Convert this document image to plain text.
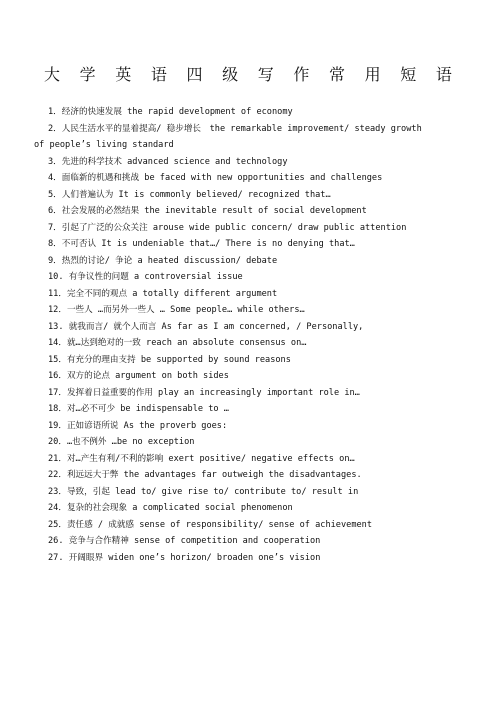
大 学 英 语 四 级 写 作 常 用 短 语
1．经济的快速发展 the rapid development of economy
2．人民生活水平的显着提高/ 稳步增长　the remarkable improvement/ steady growth
of people’s living standard
3．先进的科学技术 advanced science and technology
4．面临新的机遇和挑战 be faced with new opportunities and challenges
5．人们普遍认为 It is commonly believed/ recognized that…
6．社会发展的必然结果 the inevitable result of social development
7．引起了广泛的公众关注 arouse wide public concern/ draw public attention
8．不可否认 It is undeniable that…/ There is no denying that…
9．热烈的讨论/ 争论 a heated discussion/ debate
10. 有争议性的问题 a controversial issue
11．完全不同的观点 a totally different argument
12．一些人 …而另外一些人 … Some people… while others…
13. 就我而言/ 就个人而言 As far as I am concerned, / Personally,
14．就…达到绝对的一致 reach an absolute consensus on…
15．有充分的理由支持 be supported by sound reasons
16．双方的论点 argument on both sides
17．发挥着日益重要的作用 play an increasingly important role in…
18．对…必不可少 be indispensable to …
19．正如谚语所说 As the proverb goes:
20．…也不例外 …be no exception
21．对…产生有利/不利的影响 exert positive/ negative effects on…
22．利远远大于弊 the advantages far outweigh the disadvantages.
23．导致，引起 lead to/ give rise to/ contribute to/ result in
24．复杂的社会现象 a complicated social phenomenon
25．责任感 / 成就感 sense of responsibility/ sense of achievement
26. 竞争与合作精神 sense of competition and cooperation
27. 开阔眼界 widen one’s horizon/ broaden one’s vision
